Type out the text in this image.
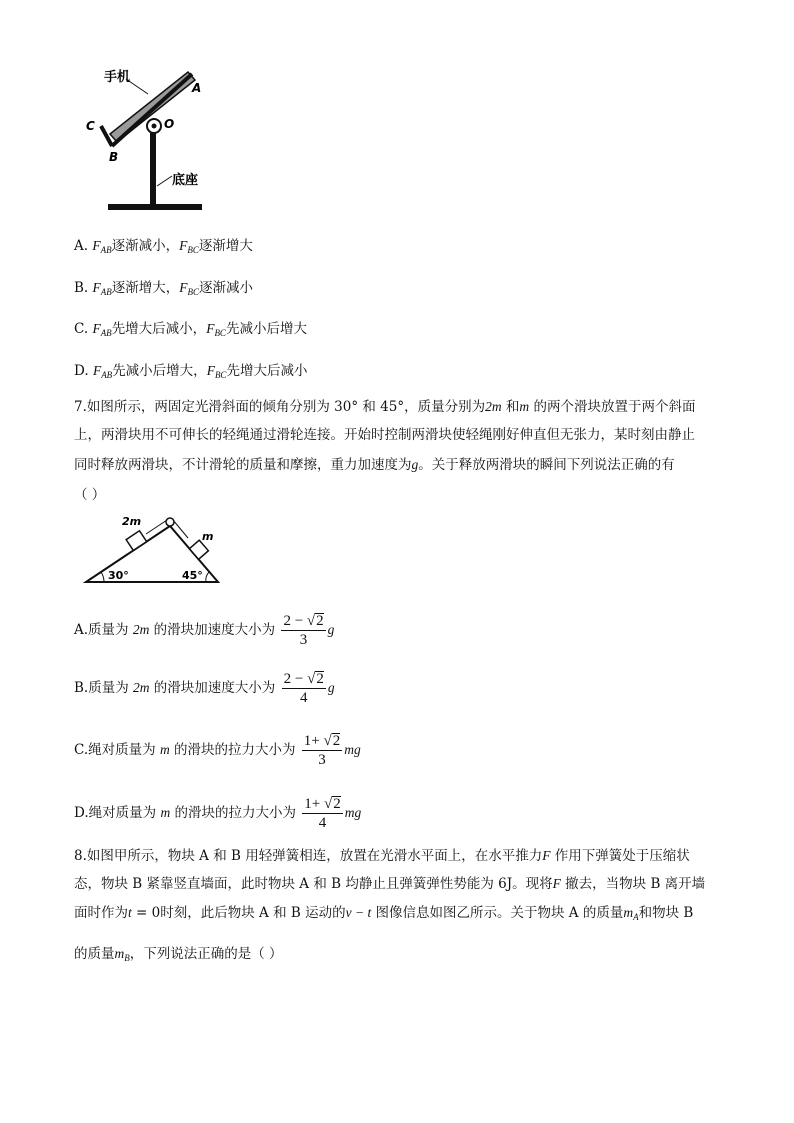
手机
A
C
B
O
底座
A. $F_{AB}$逐渐减小，$F_{BC}$逐渐增大
B. $F_{AB}$逐渐增大，$F_{BC}$逐渐减小
C. $F_{AB}$先增大后减小，$F_{BC}$先减小后增大
D. $F_{AB}$先减小后增大，$F_{BC}$先增大后减小
7.如图所示，两固定光滑斜面的倾角分别为 30° 和 45°，质量分别为2m 和m 的两个滑块放置于两个斜面
上，两滑块用不可伸长的轻绳通过滑轮连接。开始时控制两滑块使轻绳刚好伸直但无张力，某时刻由静止
同时释放两滑块，不计滑轮的质量和摩擦，重力加速度为g。关于释放两滑块的瞬间下列说法正确的有
（ ）
2m
m
30°	45°
A.质量为 2m 的滑块加速度大小为 $\frac{2 - √2}{3}$ g
B.质量为 2m 的滑块加速度大小为 $\frac{2 - √2}{4}$ g
C.绳对质量为 m 的滑块的拉力大小为 $\frac{1+ √2}{3}$ mg
D.绳对质量为 m 的滑块的拉力大小为 $\frac{1+ √2}{4}$ mg
8.如图甲所示，物块 A 和 B 用轻弹簧相连，放置在光滑水平面上，在水平推力F 作用下弹簧处于压缩状
态，物块 B 紧靠竖直墙面，此时物块 A 和 B 均静止且弹簧弹性势能为 6J。现将F 撤去，当物块 B 离开墙
面时作为t = 0时刻，此后物块 A 和 B 运动的v − t 图像信息如图乙所示。关于物块 A 的质量$m_A$和物块 B
的质量$m_B$，下列说法正确的是（ ）
